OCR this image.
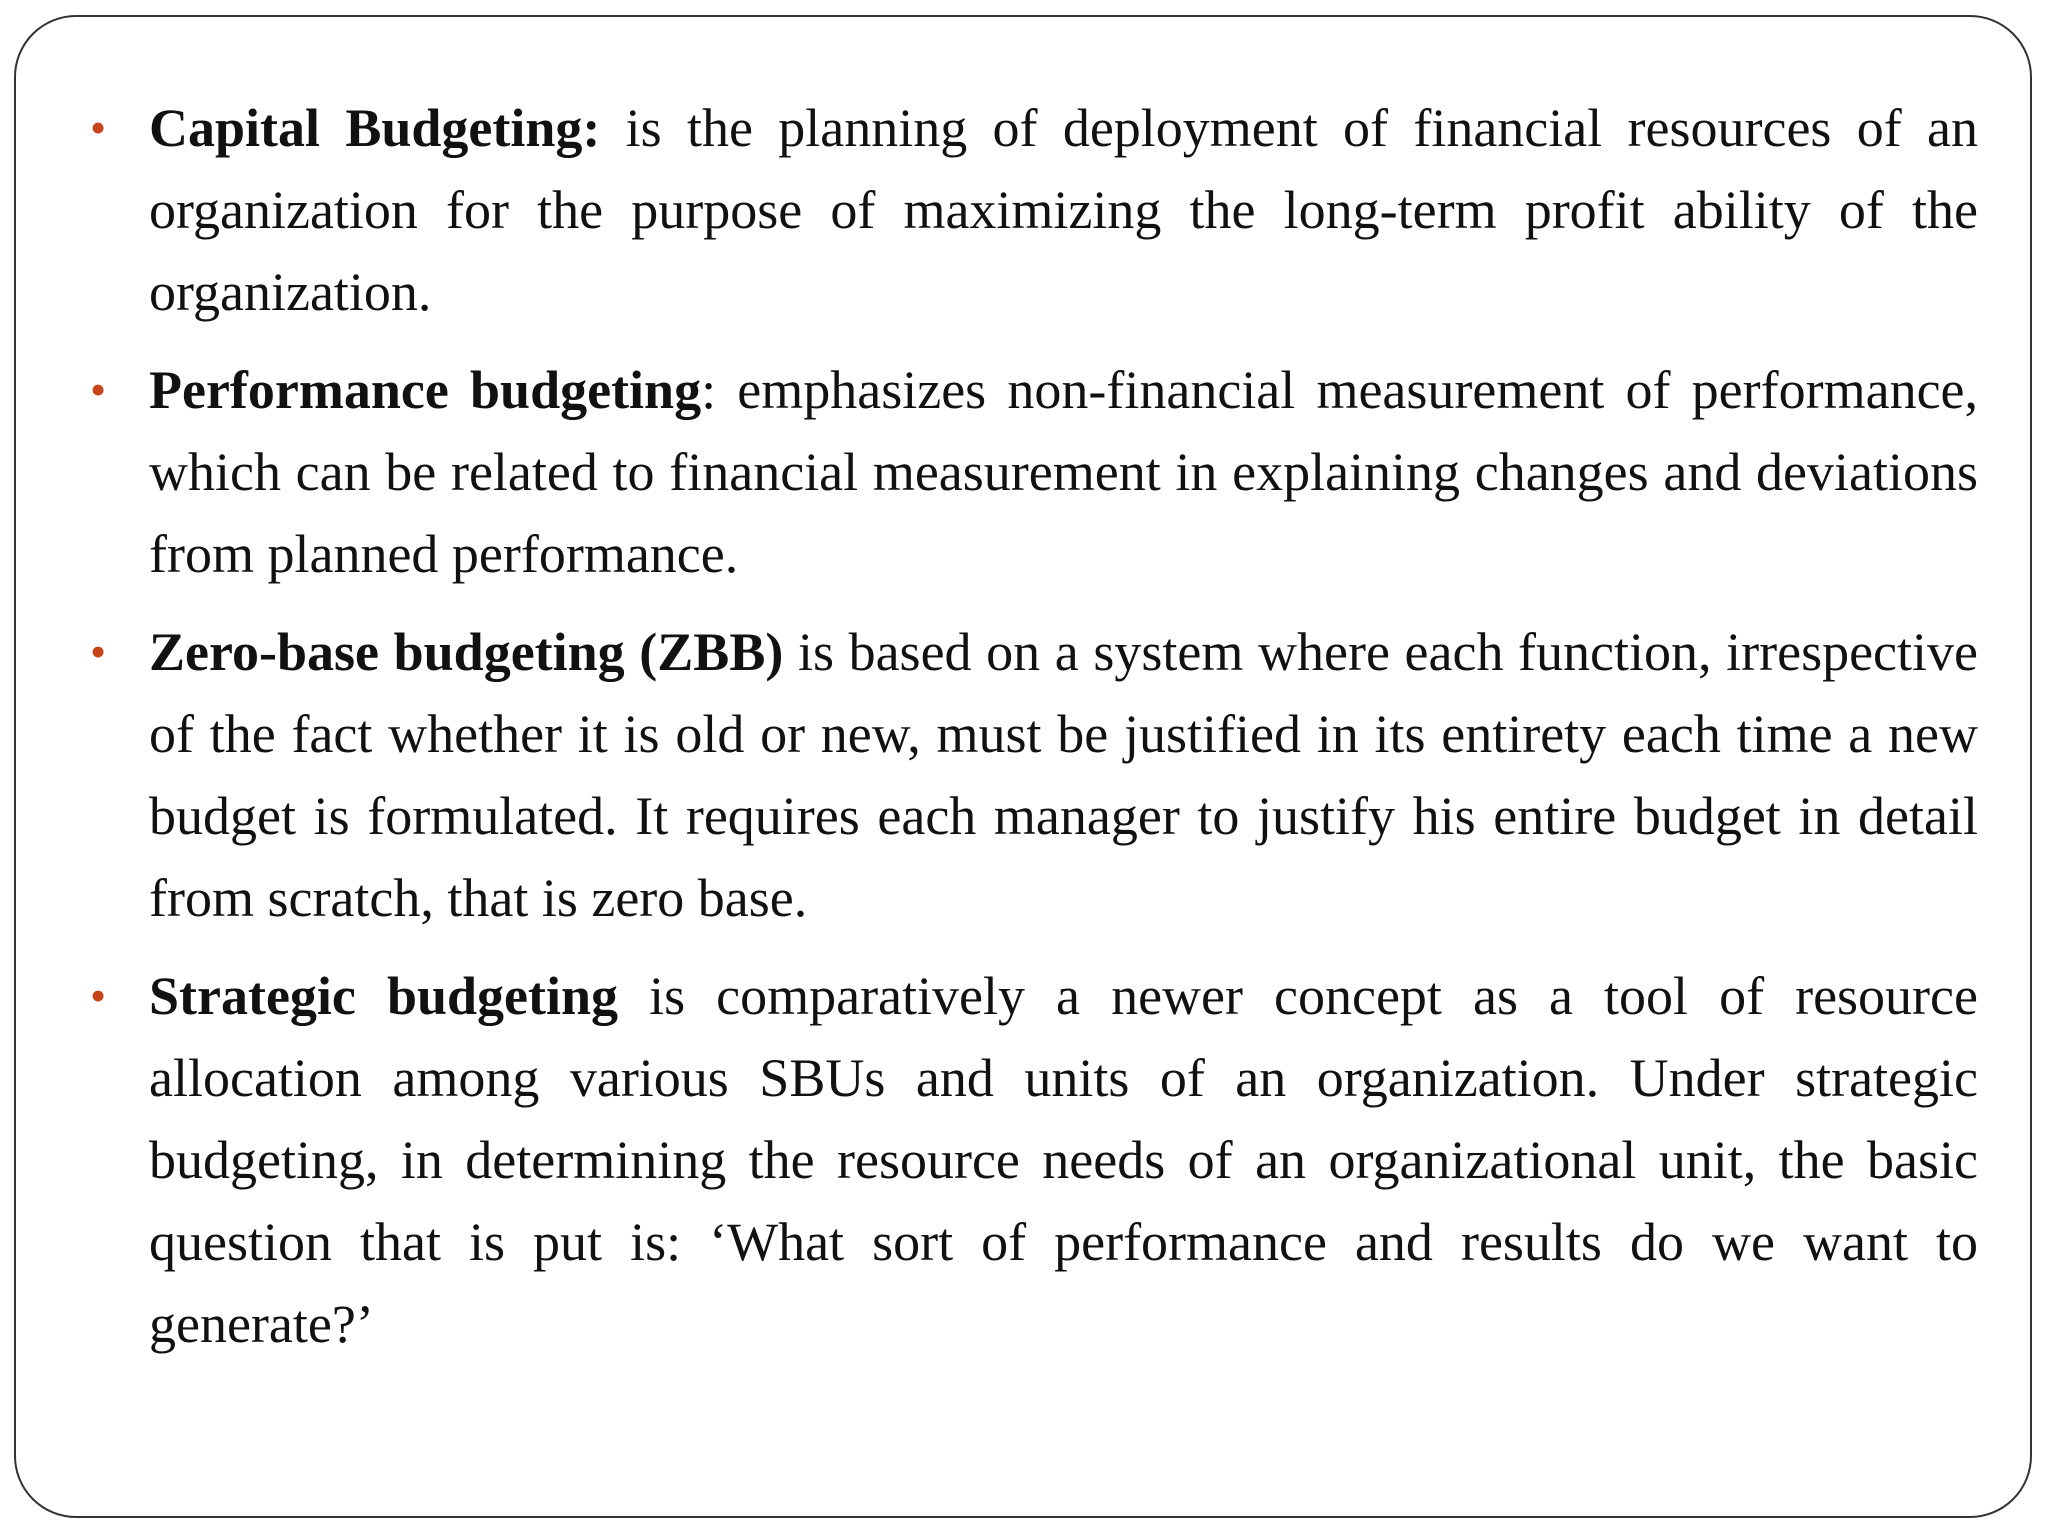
• Capital Budgeting: is the planning of deployment of financial resources of an organization for the purpose of maximizing the long-term profit ability of the organization.

• Performance budgeting: emphasizes non-financial measurement of performance, which can be related to financial measurement in explaining changes and deviations from planned performance.

• Zero-base budgeting (ZBB) is based on a system where each function, irrespective of the fact whether it is old or new, must be justified in its entirety each time a new budget is formulated. It requires each manager to justify his entire budget in detail from scratch, that is zero base.

• Strategic budgeting is comparatively a newer concept as a tool of resource allocation among various SBUs and units of an organization. Under strategic budgeting, in determining the resource needs of an organizational unit, the basic question that is put is: ‘What sort of performance and results do we want to generate?’
